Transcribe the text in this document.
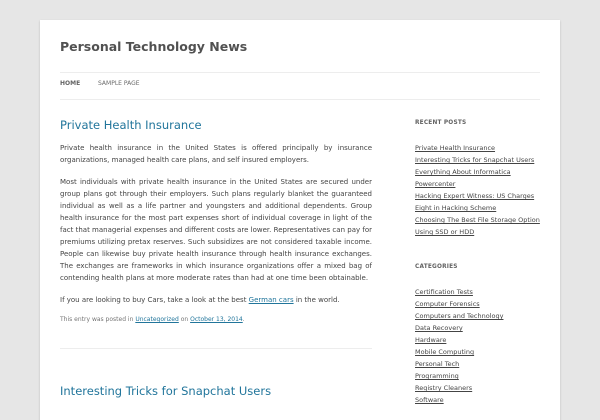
Personal Technology News
HOME	SAMPLE PAGE
Private Health Insurance

Private health insurance in the United States is offered principally by insurance organizations, managed health care plans, and self insured employers.

Most individuals with private health insurance in the United States are secured under group plans got through their employers. Such plans regularly blanket the guaranteed individual as well as a life partner and youngsters and additional dependents. Group health insurance for the most part expenses short of individual coverage in light of the fact that managerial expenses and different costs are lower. Representatives can pay for premiums utilizing pretax reserves. Such subsidizes are not considered taxable income. People can likewise buy private health insurance through health insurance exchanges. The exchanges are frameworks in which insurance organizations offer a mixed bag of contending health plans at more moderate rates than had at one time been obtainable.

If you are looking to buy Cars, take a look at the best German cars in the world.

This entry was posted in Uncategorized on October 13, 2014.
Interesting Tricks for Snapchat Users
RECENT POSTS
Private Health Insurance
Interesting Tricks for Snapchat Users
Everything About Informatica
Powercenter
Hacking Expert Witness: US Charges
Eight in Hacking Scheme
Choosing The Best File Storage Option
Using SSD or HDD
CATEGORIES
Certification Tests
Computer Forensics
Computers and Technology
Data Recovery
Hardware
Mobile Computing
Personal Tech
Programming
Registry Cleaners
Software
